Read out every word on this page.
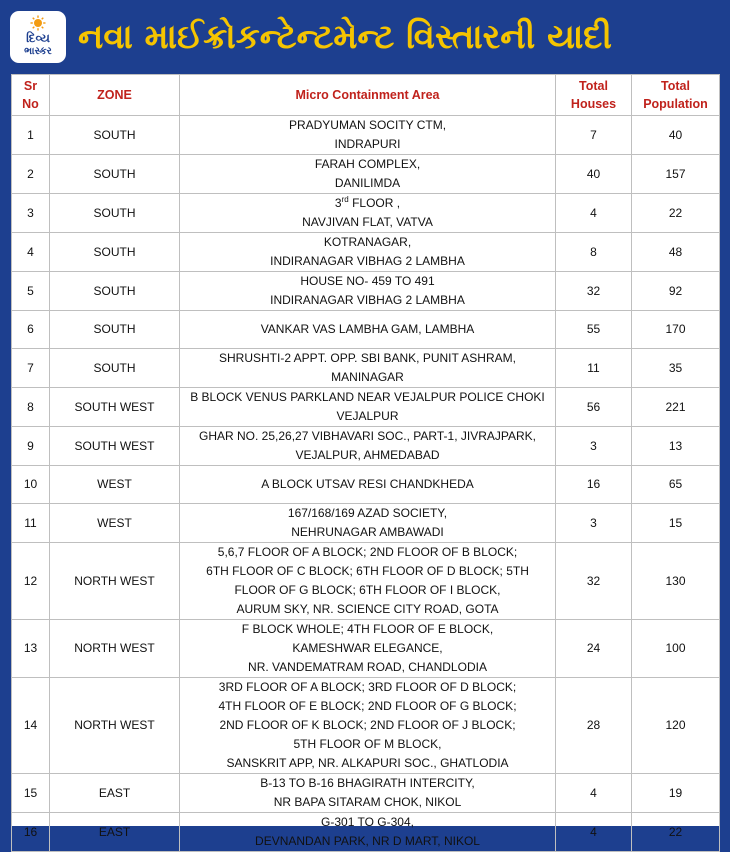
દિવ્ય
ભાસ્કર નવા માઈક્રોકન્ટેન્ટમેન્ટ વિસ્તારની યાદી
Sr
No	ZONE	Micro Containment Area	Total
Houses	Total
Population

1	SOUTH	PRADYUMAN SOCITY CTM,
INDRAPURI	7	40
2	SOUTH	FARAH COMPLEX,
DANILIMDA	40	157
3	SOUTH	3rd FLOOR ,
NAVJIVAN FLAT, VATVA	4	22
4	SOUTH	KOTRANAGAR,
INDIRANAGAR VIBHAG 2 LAMBHA	8	48
5	SOUTH	HOUSE NO- 459 TO 491
INDIRANAGAR VIBHAG 2 LAMBHA	32	92
6	SOUTH	VANKAR VAS LAMBHA GAM, LAMBHA	55	170
7	SOUTH	SHRUSHTI-2 APPT. OPP. SBI BANK, PUNIT ASHRAM,
MANINAGAR	11	35
8	SOUTH WEST	B BLOCK VENUS PARKLAND NEAR VEJALPUR POLICE CHOKI
VEJALPUR	56	221
9	SOUTH WEST	GHAR NO. 25,26,27 VIBHAVARI SOC., PART-1, JIVRAJPARK,
VEJALPUR, AHMEDABAD	3	13
10	WEST	A BLOCK UTSAV RESI CHANDKHEDA	16	65
11	WEST	167/168/169 AZAD SOCIETY,
NEHRUNAGAR AMBAWADI	3	15
12	NORTH WEST	5,6,7 FLOOR OF A BLOCK; 2ND FLOOR OF B BLOCK;
6TH FLOOR OF C BLOCK; 6TH FLOOR OF D BLOCK; 5TH
FLOOR OF G BLOCK; 6TH FLOOR OF I BLOCK,
AURUM SKY, NR. SCIENCE CITY ROAD, GOTA	32	130
13	NORTH WEST	F BLOCK WHOLE; 4TH FLOOR OF E BLOCK,
KAMESHWAR ELEGANCE,
NR. VANDEMATRAM ROAD, CHANDLODIA	24	100
14	NORTH WEST	3RD FLOOR OF A BLOCK; 3RD FLOOR OF D BLOCK;
4TH FLOOR OF E BLOCK; 2ND FLOOR OF G BLOCK;
2ND FLOOR OF K BLOCK; 2ND FLOOR OF J BLOCK;
5TH FLOOR OF M BLOCK,
SANSKRIT APP, NR. ALKAPURI SOC., GHATLODIA	28	120
15	EAST	B-13 TO B-16 BHAGIRATH INTERCITY,
NR BAPA SITARAM CHOK, NIKOL	4	19
16	EAST	G-301 TO G-304,
DEVNANDAN PARK, NR D MART, NIKOL	4	22
